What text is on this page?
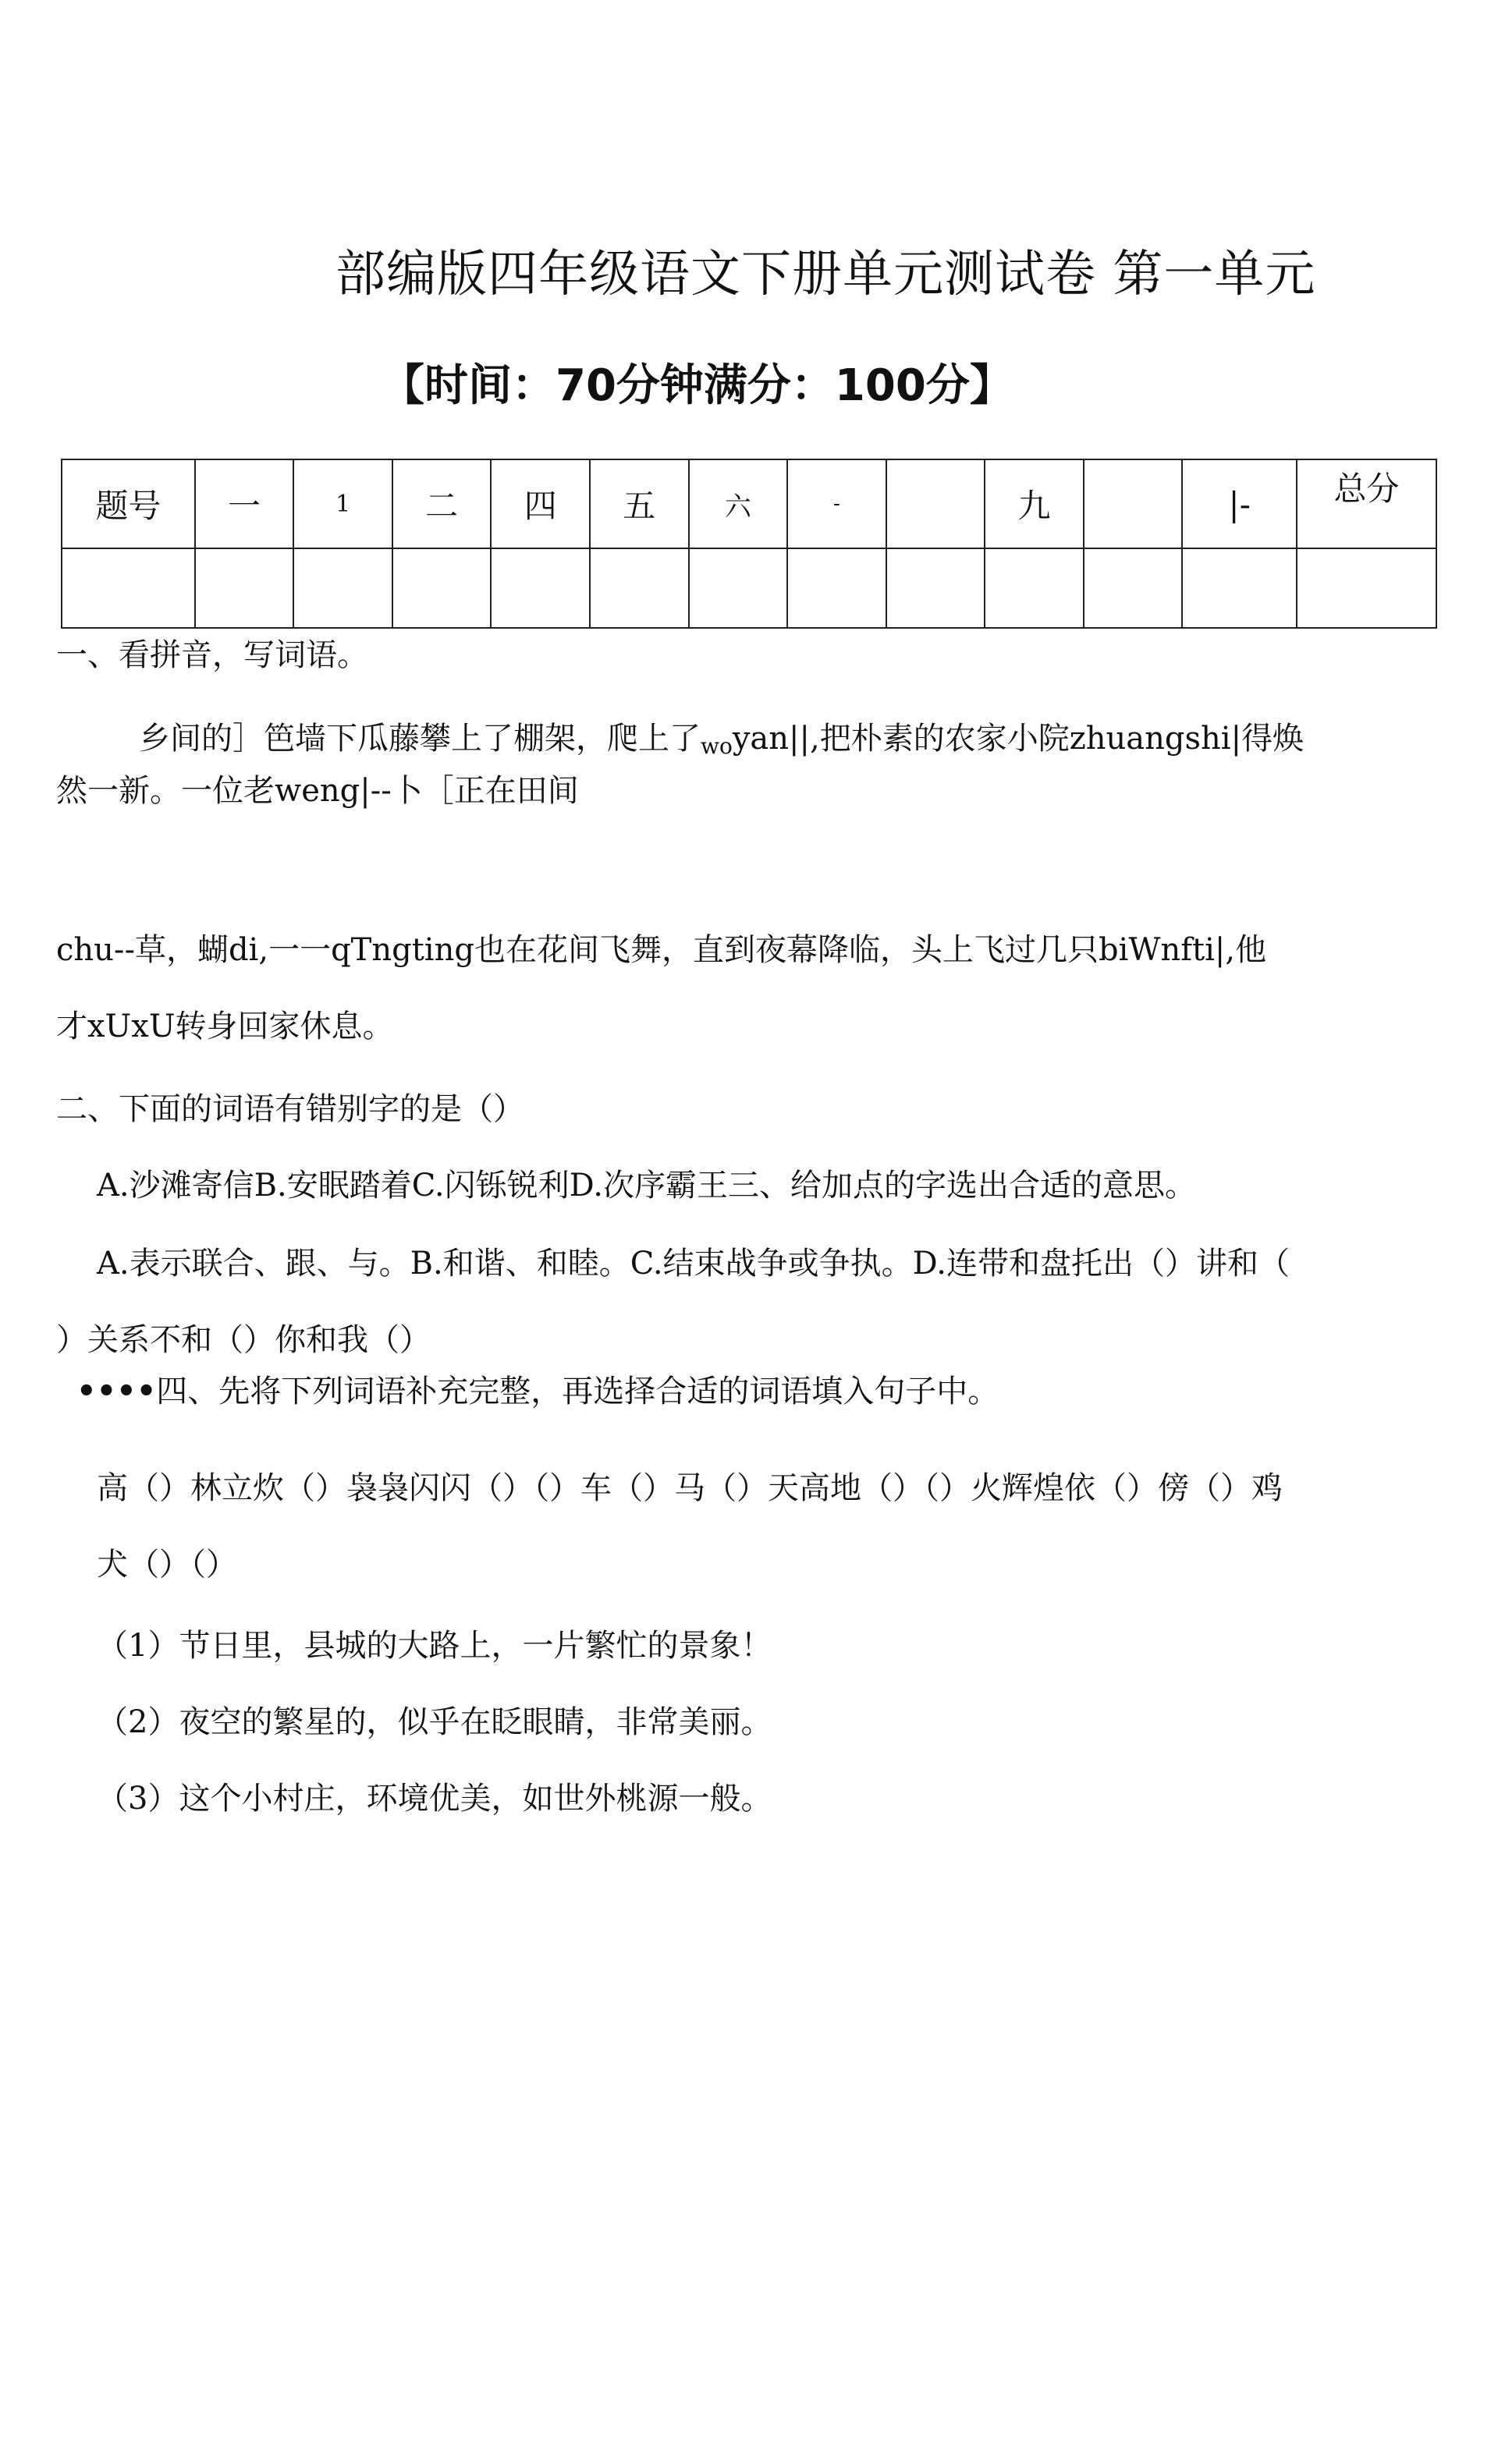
部编版四年级语文下册单元测试卷 第一单元
【时间：70分钟满分：100分】
题号	一	1	二	四	五	六	-		九		|-	总分

一、看拼音，写词语。
乡间的］笆墙下瓜藤攀上了棚架，爬上了woyan||,把朴素的农家小院zhuangshi|得焕
然一新。一位老weng|--卜［正在田间
chu--草，蝴di,一一qTngting也在花间飞舞，直到夜幕降临，头上飞过几只biWnfti|,他
才xUxU转身回家休息。
二、下面的词语有错别字的是（）
A.沙滩寄信B.安眠踏着C.闪铄锐利D.次序霸王三、给加点的字选出合适的意思。
A.表示联合、跟、与。B.和谐、和睦。C.结束战争或争执。D.连带和盘托出（）讲和（
）关系不和（）你和我（）
••••四、先将下列词语补充完整，再选择合适的词语填入句子中。
高（）林立炊（）袅袅闪闪（）（）车（）马（）天高地（）（）火辉煌依（）傍（）鸡
犬（）（）
（1）节日里，县城的大路上，一片繁忙的景象！
（2）夜空的繁星的，似乎在眨眼睛，非常美丽。
（3）这个小村庄，环境优美，如世外桃源一般。
